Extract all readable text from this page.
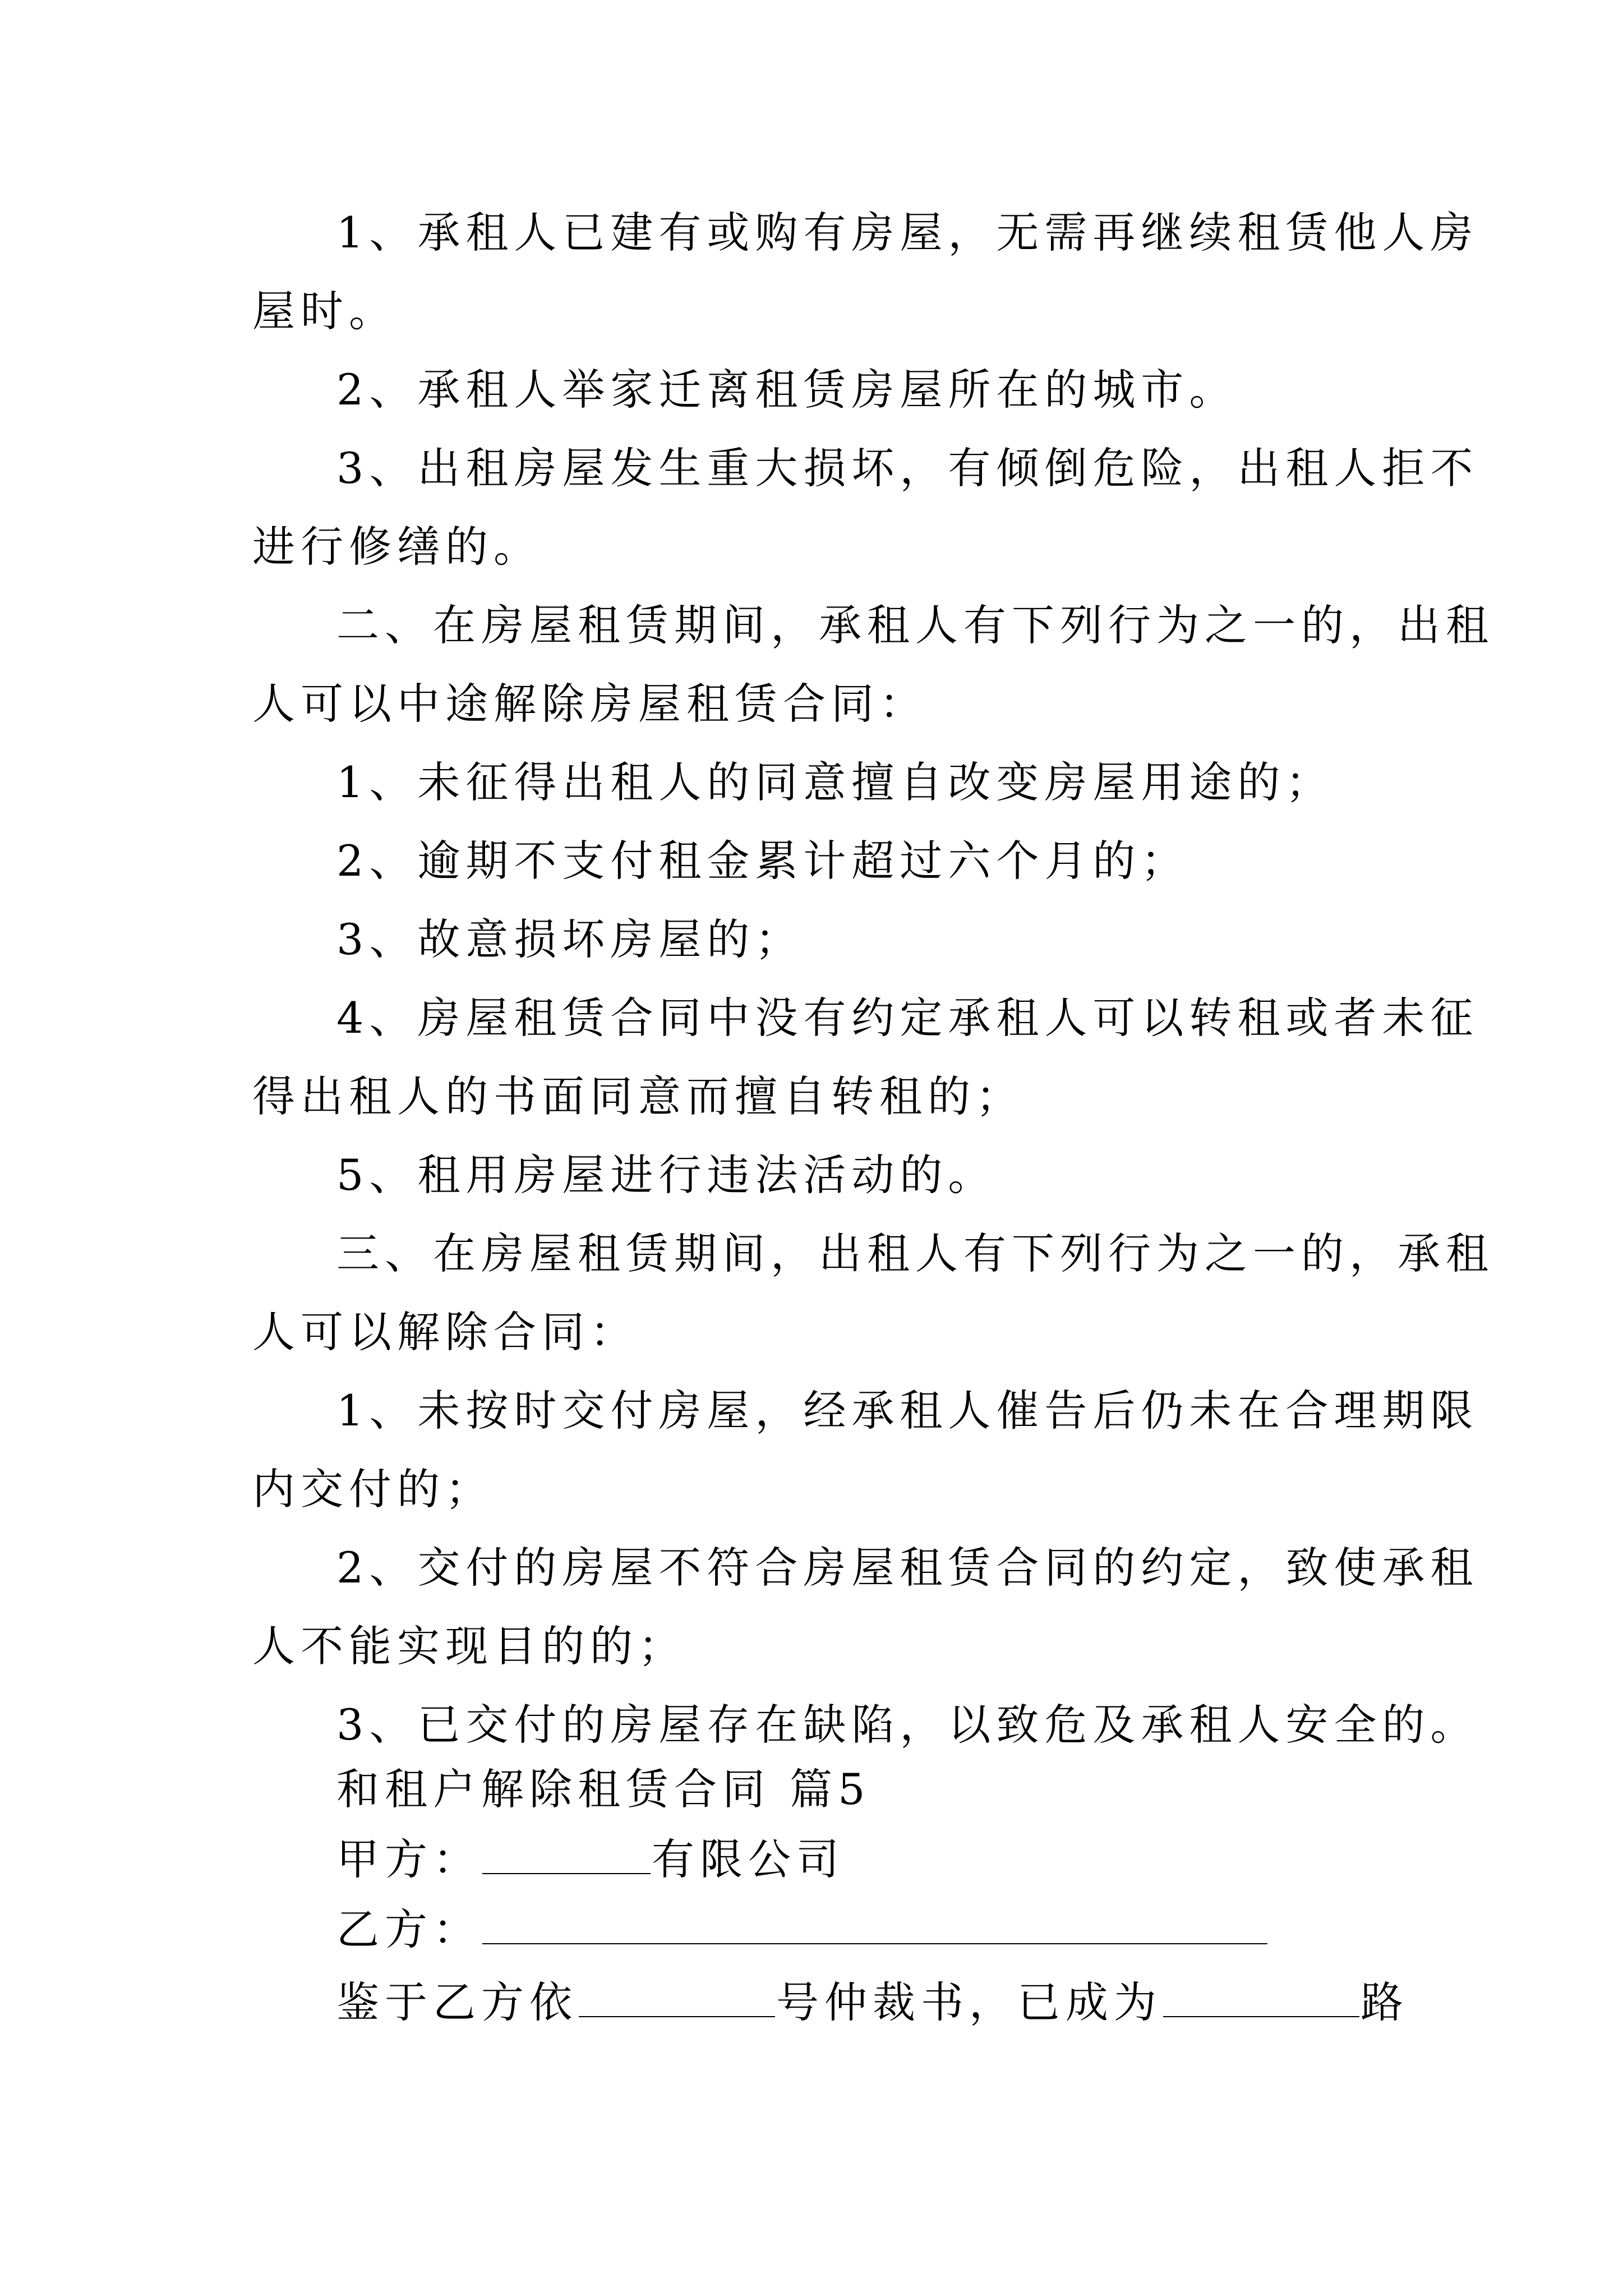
1、承租人已建有或购有房屋，无需再继续租赁他人房
屋时。
2、承租人举家迁离租赁房屋所在的城市。
3、出租房屋发生重大损坏，有倾倒危险，出租人拒不
进行修缮的。
二、在房屋租赁期间，承租人有下列行为之一的，出租
人可以中途解除房屋租赁合同：
1、未征得出租人的同意擅自改变房屋用途的；
2、逾期不支付租金累计超过六个月的；
3、故意损坏房屋的；
4、房屋租赁合同中没有约定承租人可以转租或者未征
得出租人的书面同意而擅自转租的；
5、租用房屋进行违法活动的。
三、在房屋租赁期间，出租人有下列行为之一的，承租
人可以解除合同：
1、未按时交付房屋，经承租人催告后仍未在合理期限
内交付的；
2、交付的房屋不符合房屋租赁合同的约定，致使承租
人不能实现目的的；
3、已交付的房屋存在缺陷，以致危及承租人安全的。
和租户解除租赁合同 篇5
甲方：	有限公司
乙方：
鉴于乙方依	号仲裁书，已成为	路
